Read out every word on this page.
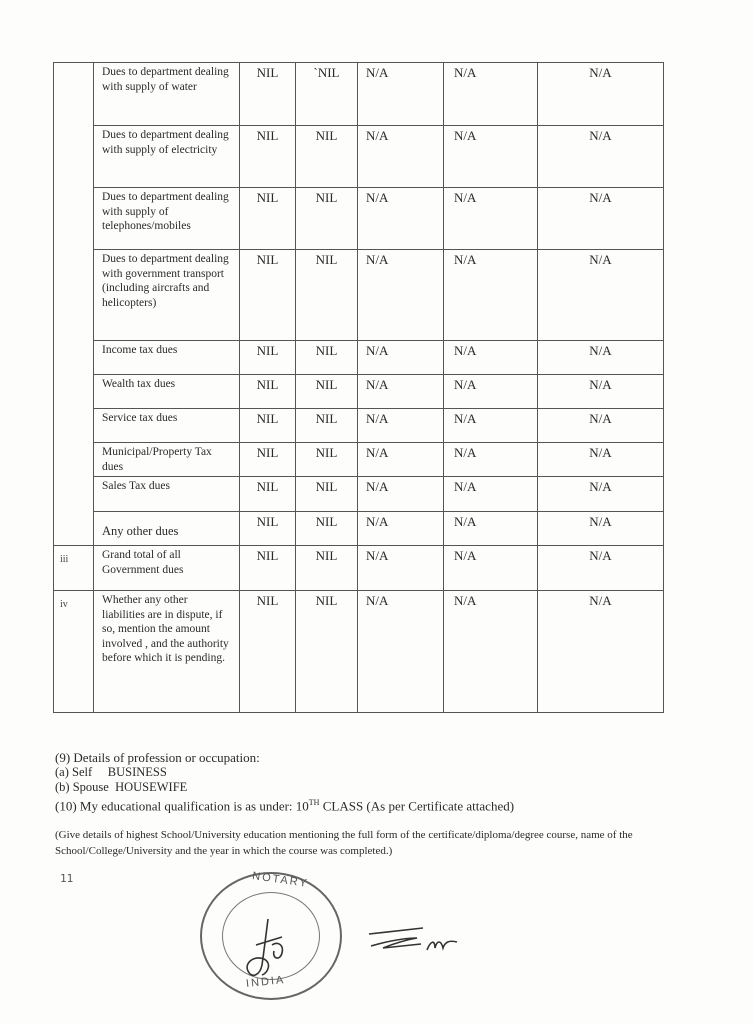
	Dues to department dealing with supply of water	NIL	`NIL	N/A	N/A	N/A
	Dues to department dealing with supply of electricity	NIL	NIL	N/A	N/A	N/A
	Dues to department dealing with supply of telephones/mobiles	NIL	NIL	N/A	N/A	N/A
	Dues to department dealing with government transport (including aircrafts and helicopters)	NIL	NIL	N/A	N/A	N/A
	Income tax dues	NIL	NIL	N/A	N/A	N/A
	Wealth tax dues	NIL	NIL	N/A	N/A	N/A
	Service tax dues	NIL	NIL	N/A	N/A	N/A
	Municipal/Property Tax dues	NIL	NIL	N/A	N/A	N/A
	Sales Tax dues	NIL	NIL	N/A	N/A	N/A
	Any other dues	NIL	NIL	N/A	N/A	N/A
iii	Grand total of all Government dues	NIL	NIL	N/A	N/A	N/A
iv	Whether any other liabilities are in dispute, if so, mention the amount involved , and the authority before which it is pending.	NIL	NIL	N/A	N/A	N/A
(9) Details of profession or occupation:
(a) Self BUSINESS
(b) Spouse HOUSEWIFE
(10) My educational qualification is as under: 10TH CLASS (As per Certificate attached)
(Give details of highest School/University education mentioning the full form of the certificate/diploma/degree course, name of the School/College/University and the year in which the course was completed.)
11	NOTARY
INDIA
